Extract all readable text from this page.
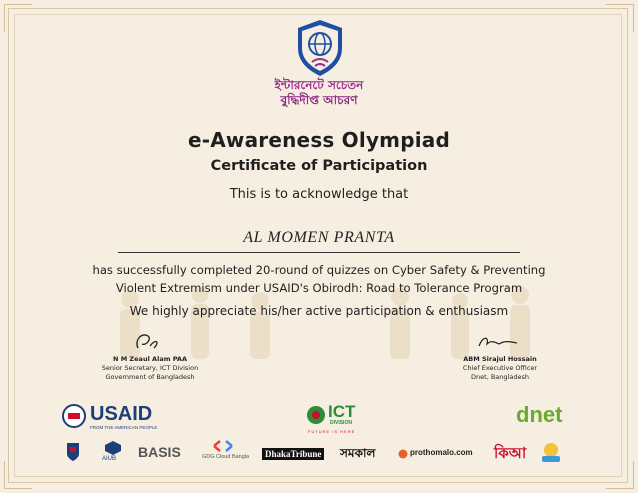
ইন্টারনেটে সচেতন
বুদ্ধিদীপ্ত আচরণ
e-Awareness Olympiad
Certificate of Participation
This is to acknowledge that
AL MOMEN PRANTA
has successfully completed 20-round of quizzes on Cyber Safety & Preventing
Violent Extremism under USAID's Obirodh: Road to Tolerance Program
We highly appreciate his/her active participation & enthusiasm
N M Zeaul Alam PAA
Senior Secretary, ICT Division
Government of Bangladesh
ABM Sirajul Hossain
Chief Executive Officer
Dnet, Bangladesh
USAID
FROM THE AMERICAN PEOPLE
ICT
DIVISION
FUTURE IS HERE
dnet
AIUB BASIS	GDG Cloud Bangla	DhakaTribune সমকাল	prothomalo.com কিআ
